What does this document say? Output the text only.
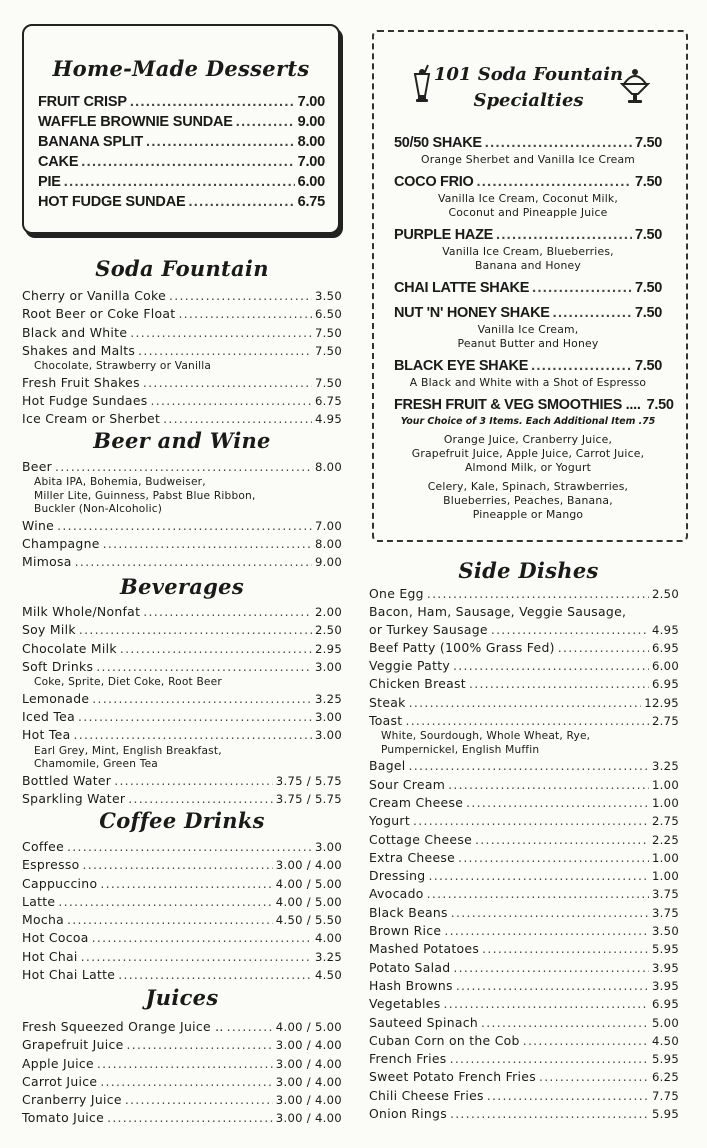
Home-Made Desserts
FRUIT CRISP .....	7.00
WAFFLE BROWNIE SUNDAE .....	9.00
BANANA SPLIT .....	8.00
CAKE .....	7.00
PIE .....	6.00
HOT FUDGE SUNDAE .....	6.75
Soda Fountain
Cherry or Vanilla Coke .....	3.50
Root Beer or Coke Float .....	6.50
Black and White .....	7.50
Shakes and Malts .....	7.50
Chocolate, Strawberry or Vanilla
Fresh Fruit Shakes .....	7.50
Hot Fudge Sundaes .....	6.75
Ice Cream or Sherbet .....	4.95
Beer and Wine
Beer .....	8.00
Abita IPA, Bohemia, Budweiser,
Miller Lite, Guinness, Pabst Blue Ribbon,
Buckler (Non-Alcoholic)
Wine .....	7.00
Champagne .....	8.00
Mimosa .....	9.00
Beverages
Milk Whole/Nonfat .....	2.00
Soy Milk .....	2.50
Chocolate Milk .....	2.95
Soft Drinks .....	3.00
Coke, Sprite, Diet Coke, Root Beer
Lemonade .....	3.25
Iced Tea .....	3.00
Hot Tea .....	3.00
Earl Grey, Mint, English Breakfast,
Chamomile, Green Tea
Bottled Water .....	3.75 / 5.75
Sparkling Water .....	3.75 / 5.75
Coffee Drinks
Coffee .....	3.00
Espresso .....	3.00 / 4.00
Cappuccino .....	4.00 / 5.00
Latte .....	4.00 / 5.00
Mocha .....	4.50 / 5.50
Hot Cocoa .....	4.00
Hot Chai .....	3.25
Hot Chai Latte .....	4.50
Juices
Fresh Squeezed Orange Juice .. .....	4.00 / 5.00
Grapefruit Juice .....	3.00 / 4.00
Apple Juice .....	3.00 / 4.00
Carrot Juice .....	3.00 / 4.00
Cranberry Juice .....	3.00 / 4.00
Tomato Juice .....	3.00 / 4.00
101 Soda Fountain
Specialties
50/50 SHAKE .....	7.50
Orange Sherbet and Vanilla Ice Cream
COCO FRIO .....	7.50
Vanilla Ice Cream, Coconut Milk,
Coconut and Pineapple Juice
PURPLE HAZE .....	7.50
Vanilla Ice Cream, Blueberries,
Banana and Honey
CHAI LATTE SHAKE .....	7.50
NUT 'N' HONEY SHAKE .....	7.50
Vanilla Ice Cream,
Peanut Butter and Honey
BLACK EYE SHAKE .....	7.50
A Black and White with a Shot of Espresso
FRESH FRUIT & VEG SMOOTHIES .... 7.50
Your Choice of 3 Items. Each Additional Item .75
Orange Juice, Cranberry Juice,
Grapefruit Juice, Apple Juice, Carrot Juice,
Almond Milk, or Yogurt
Celery, Kale, Spinach, Strawberries,
Blueberries, Peaches, Banana,
Pineapple or Mango
Side Dishes
One Egg .....	2.50
Bacon, Ham, Sausage, Veggie Sausage,
or Turkey Sausage .....	4.95
Beef Patty (100% Grass Fed) .....	6.95
Veggie Patty .....	6.00
Chicken Breast .....	6.95
Steak .....	12.95
Toast .....	2.75
White, Sourdough, Whole Wheat, Rye,
Pumpernickel, English Muffin
Bagel .....	3.25
Sour Cream .....	1.00
Cream Cheese .....	1.00
Yogurt .....	2.75
Cottage Cheese .....	2.25
Extra Cheese .....	1.00
Dressing .....	1.00
Avocado .....	3.75
Black Beans .....	3.75
Brown Rice .....	3.50
Mashed Potatoes .....	5.95
Potato Salad .....	3.95
Hash Browns .....	3.95
Vegetables .....	6.95
Sauteed Spinach .....	5.00
Cuban Corn on the Cob .....	4.50
French Fries .....	5.95
Sweet Potato French Fries .....	6.25
Chili Cheese Fries .....	7.75
Onion Rings .....	5.95
